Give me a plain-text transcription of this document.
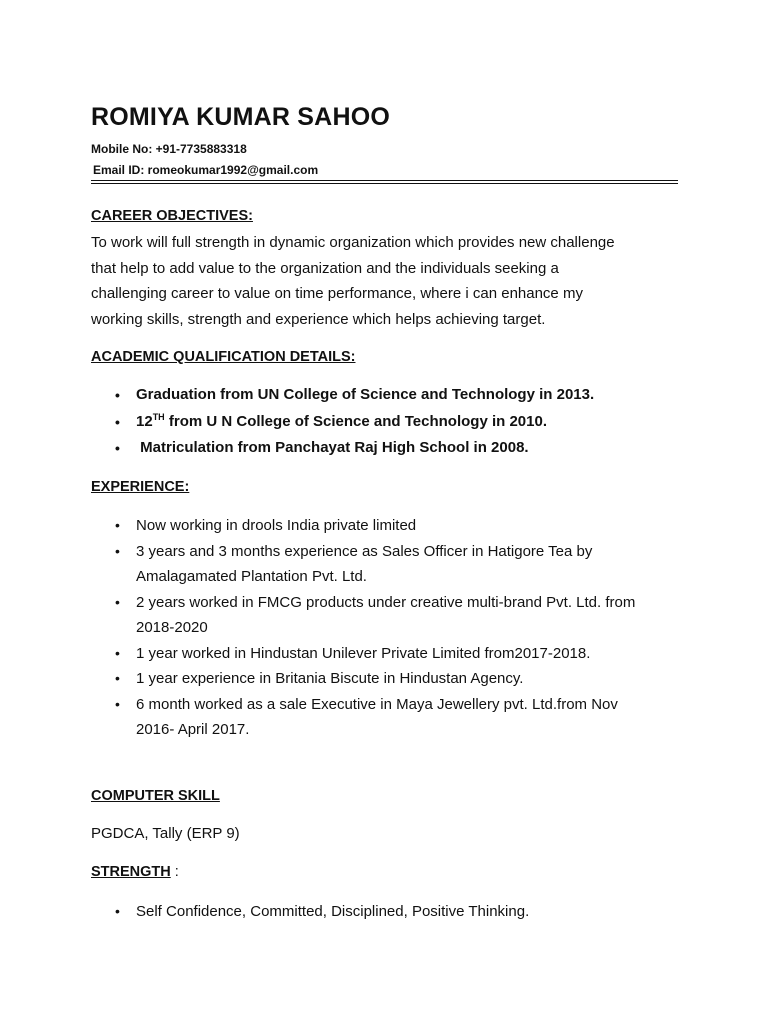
ROMIYA KUMAR SAHOO
Mobile No: +91-7735883318
Email ID: romeokumar1992@gmail.com
CAREER OBJECTIVES:
To work will full strength in dynamic organization which provides new challenge
that help to add value to the organization and the individuals seeking a
challenging career to value on time performance, where i can enhance my
working skills, strength and experience which helps achieving target.
ACADEMIC QUALIFICATION DETAILS:
• Graduation from UN College of Science and Technology in 2013.
• 12TH from U N College of Science and Technology in 2010.
• Matriculation from Panchayat Raj High School in 2008.
EXPERIENCE:
• Now working in drools India private limited
• 3 years and 3 months experience as Sales Officer in Hatigore Tea by
Amalagamated Plantation Pvt. Ltd.
• 2 years worked in FMCG products under creative multi-brand Pvt. Ltd. from
2018-2020
• 1 year worked in Hindustan Unilever Private Limited from2017-2018.
• 1 year experience in Britania Biscute in Hindustan Agency.
• 6 month worked as a sale Executive in Maya Jewellery pvt. Ltd.from Nov
2016- April 2017.
COMPUTER SKILL
PGDCA, Tally (ERP 9)
STRENGTH :
• Self Confidence, Committed, Disciplined, Positive Thinking.
